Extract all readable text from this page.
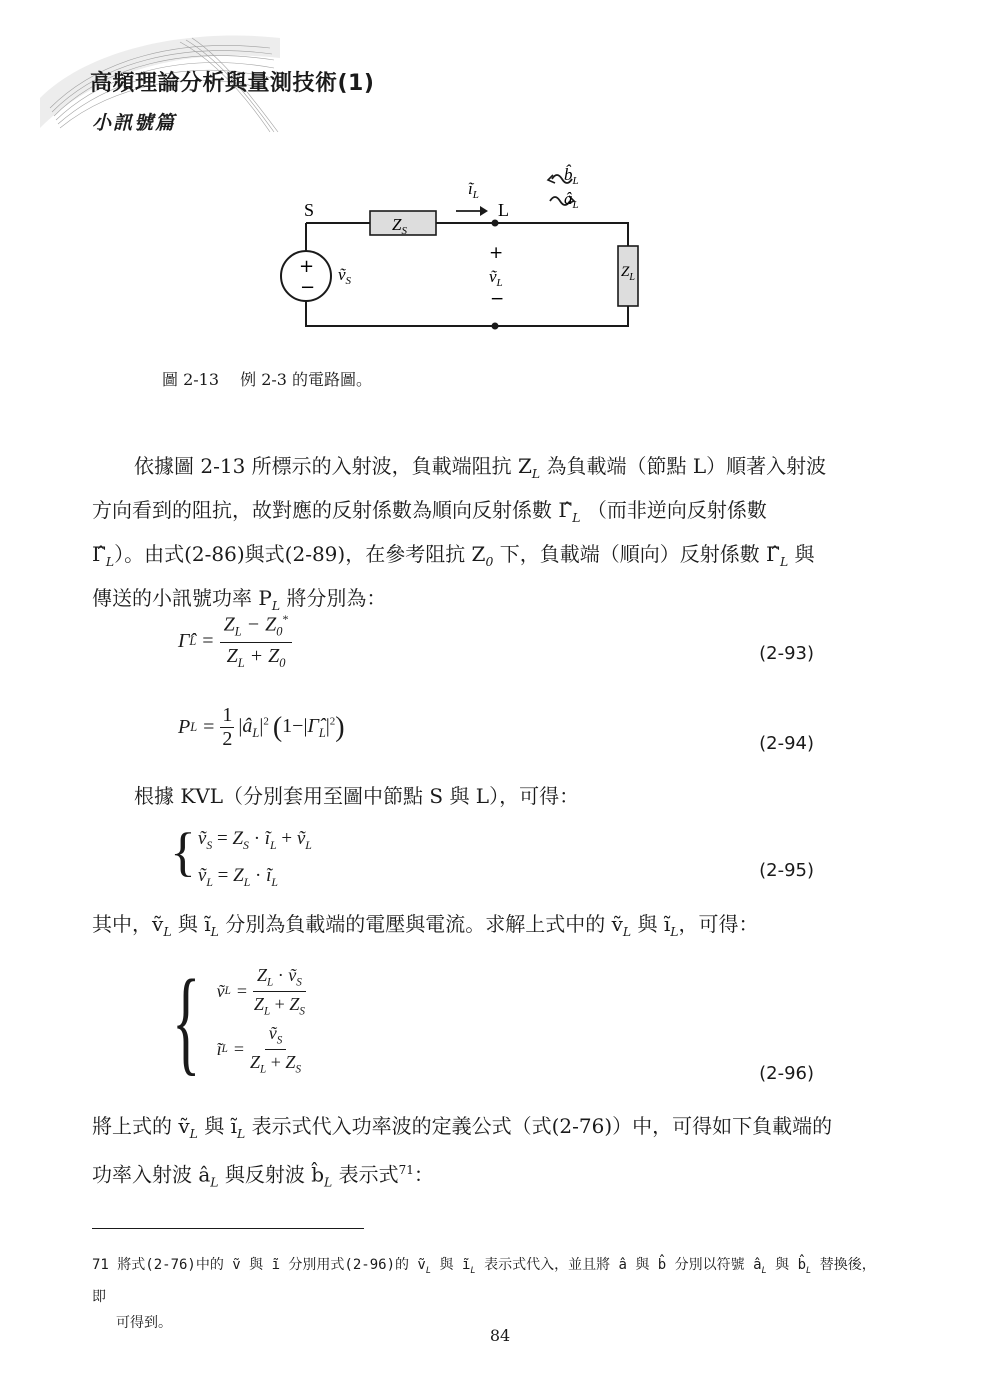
高頻理論分析與量測技術(1)
小訊號篇
S	L
$Z_S$
$Z_L$
+
−
ṽ$_S$
$ĩ_L$
+
ṽ$_L$
−
$b̂_L$
$â_L$
圖 2-13　 例 2-3 的電路圖。
依據圖 2-13 所標示的入射波，負載端阻抗 $Z_L$ 為負載端（節點 L）順著入射波
方向看到的阻抗，故對應的反射係數為順向反射係數 $\Gammâ_L$ （而非逆向反射係數
$\Gammâ_L$）。由式(2-86)與式(2-89)，在參考阻抗 $Z_0$ 下，負載端（順向）反射係數 $\Gammâ_L$ 與
傳送的小訊號功率 $P_L$ 將分別為：
Γ̂ $L = \frac{Z_L - Z_0^*}{Z_L + Z_0}$	(2-93)
P $L = \frac{1}{2}$ $|â_L|^2$ ( $1-|\Gammâ_L|^2$ )
(2-94)
根據 KVL（分別套用至圖中節點 S 與 L），可得：
{ ṽ$_S$ = $Z_S$ · $ĩ_L$ + ṽ$_L$
ṽ$_L$ = $Z_L$ · $ĩ_L$
(2-95)
其中，ṽ$_L$ 與 $ĩ_L$ 分別為負載端的電壓與電流。求解上式中的 ṽ$_L$ 與 $ĩ_L$，可得：
{ ṽ $L = \frac{Z_L \cdot ṽ_S}{Z_L + Z_S}$
ĩ $L = \frac{ṽ_S}{Z_L + Z_S}$	(2-96)
將上式的 ṽ$_L$ 與 $ĩ_L$ 表示式代入功率波的定義公式（式(2-76)）中，可得如下負載端的
功率入射波 $â_L$ 與反射波 $b̂_L$ 表示式$^{71}$：
71 將式(2-76)中的 ṽ 與 ĩ 分別用式(2-96)的 ṽ$_L$ 與 $ĩ_L$ 表示式代入，並且將 â 與 b̂ 分別以符號 $â_L$ 與 $b̂_L$ 替換後，即
可得到。
84
